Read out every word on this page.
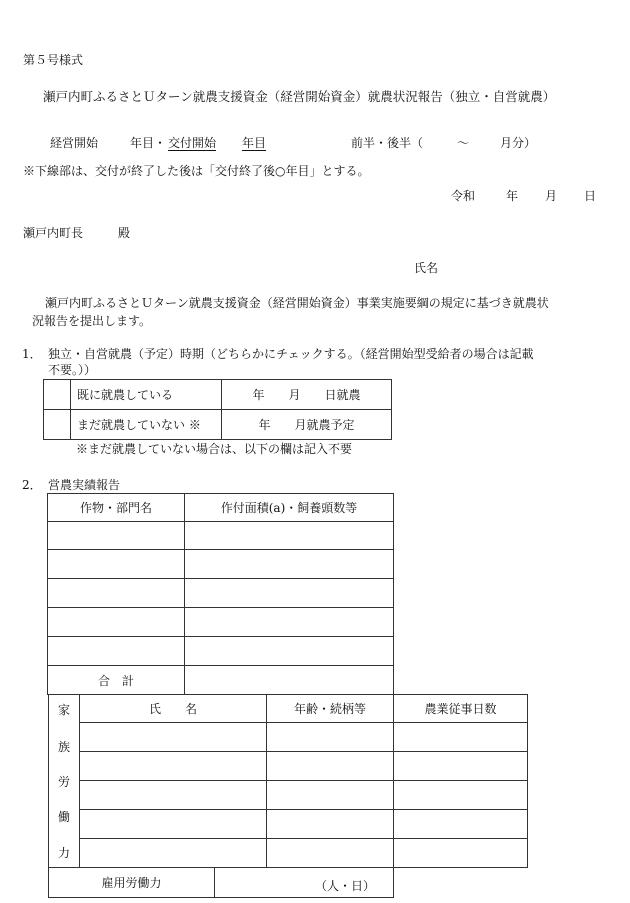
第５号様式
瀬戸内町ふるさとＵターン就農支援資金（経営開始資金）就農状況報告（独立・自営就農）
経営開始	年目・ 交付開始 年目	前半・後半（	～	月分）
※下線部は、交付が終了した後は「交付終了後○年目」とする。
令和	年 月 日
瀬戸内町長	殿
氏名
瀬戸内町ふるさとＵターン就農支援資金（経営開始資金）事業実施要綱の規定に基づき就農状
況報告を提出します。
1． 独立・自営就農（予定）時期（どちらかにチェックする。（経営開始型受給者の場合は記載
不要。））
既に就農している	年　　月　　日就農
まだ就農していない ※	年　　月就農予定
※まだ就農していない場合は、以下の欄は記入不要
2． 営農実績報告
作物・部門名	作付面積(a)・飼養頭数等
合　計
家
族
労
働
力
氏　　名	年齢・続柄等	農業従事日数
雇用労働力	（人・日）
